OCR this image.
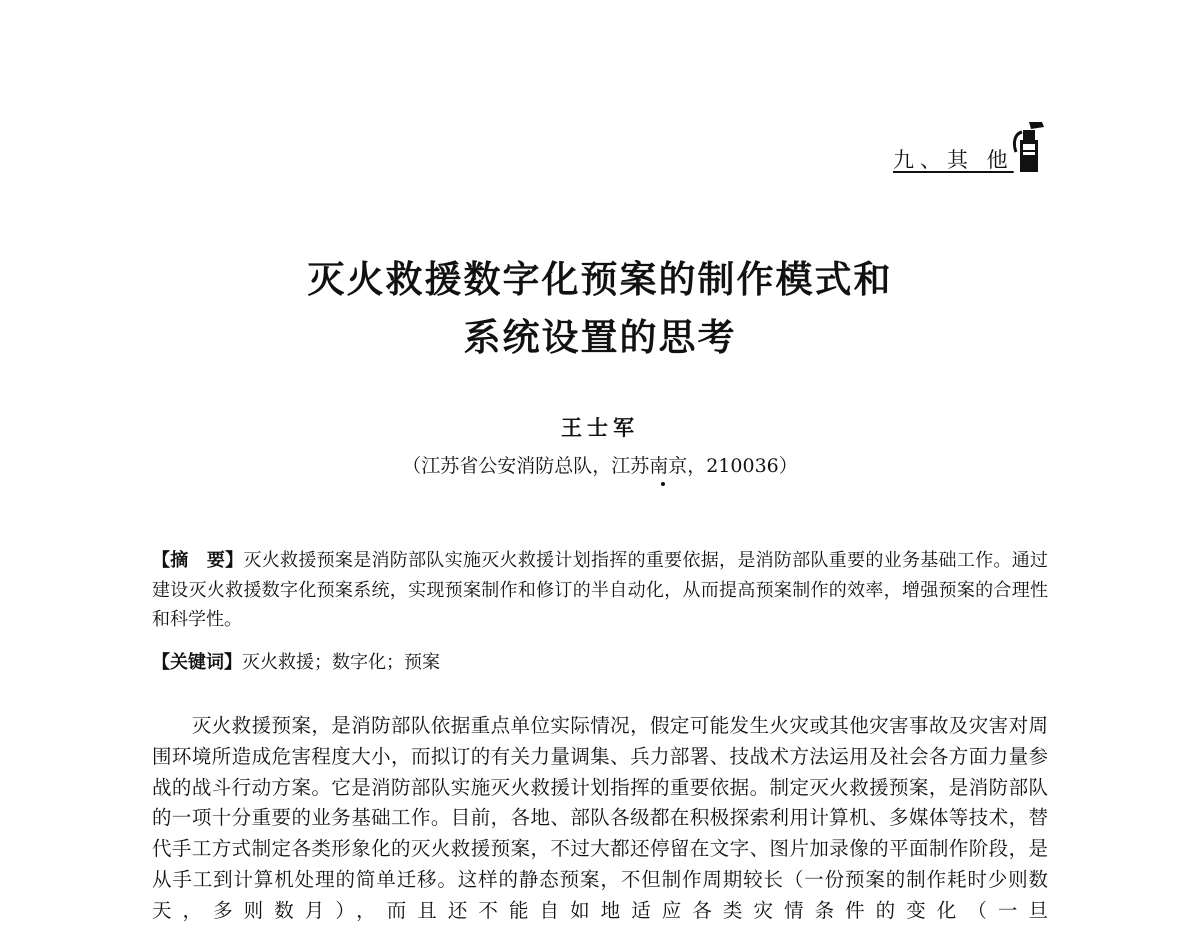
九、其 他
灭火救援数字化预案的制作模式和
系统设置的思考
王士军
（江苏省公安消防总队，江苏南京，210036）

【摘　要】灭火救援预案是消防部队实施灭火救援计划指挥的重要依据，是消防部队重要的业务基础工作。通过建设灭火救援数字化预案系统，实现预案制作和修订的半自动化，从而提高预案制作的效率，增强预案的合理性和科学性。

【关键词】灭火救援；数字化；预案

　　灭火救援预案，是消防部队依据重点单位实际情况，假定可能发生火灾或其他灾害事故及灾害对周围环境所造成危害程度大小，而拟订的有关力量调集、兵力部署、技战术方法运用及社会各方面力量参战的战斗行动方案。它是消防部队实施灭火救援计划指挥的重要依据。制定灭火救援预案，是消防部队的一项十分重要的业务基础工作。目前，各地、部队各级都在积极探索利用计算机、多媒体等技术，替代手工方式制定各类形象化的灭火救援预案，不过大都还停留在文字、图片加录像的平面制作阶段，是从手工到计算机处理的简单迁移。这样的静态预案，不但制作周期较长（一份预案的制作耗时少则数天，多则数月），而且还不能自如地适应各类灾情条件的变化（一旦
